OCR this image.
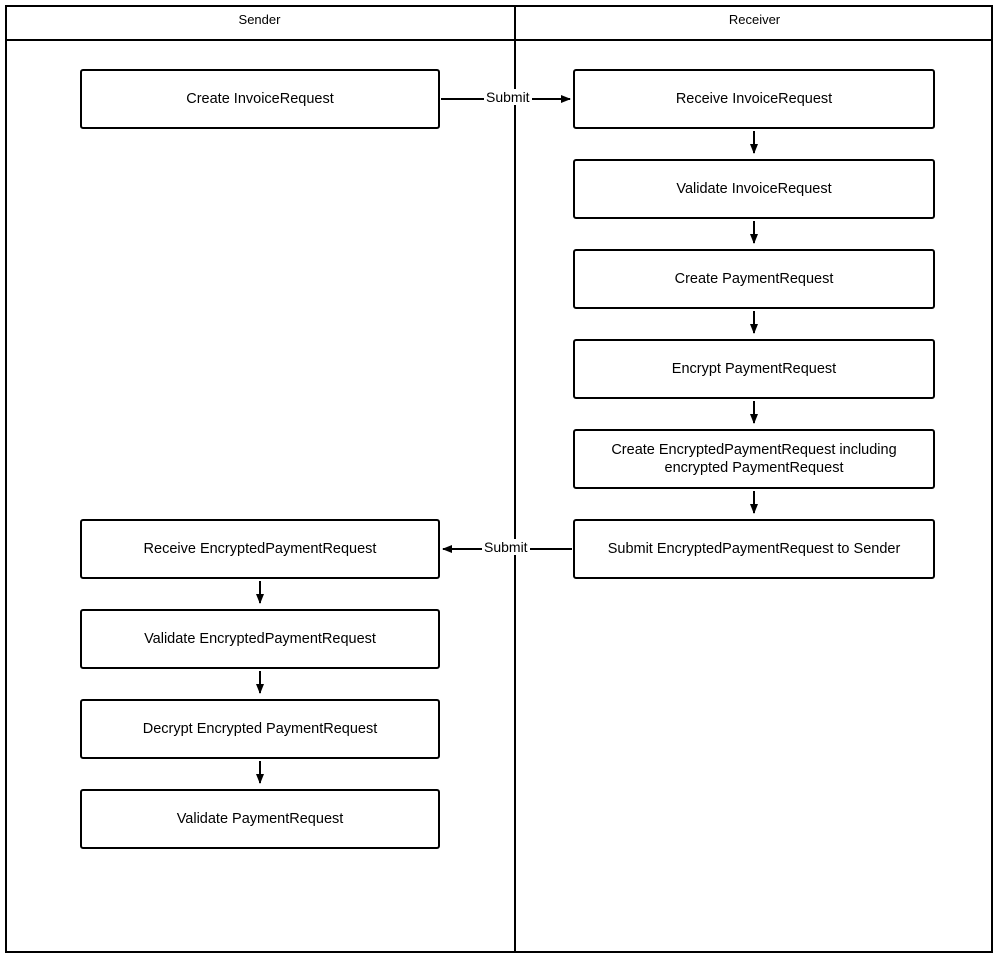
Sender	Receiver
Submit
Submit
Create InvoiceRequest	Receive InvoiceRequest
Validate InvoiceRequest
Create PaymentRequest
Encrypt PaymentRequest
Create EncryptedPaymentRequest including encrypted PaymentRequest
Submit EncryptedPaymentRequest to Sender
Receive EncryptedPaymentRequest
Validate EncryptedPaymentRequest
Decrypt Encrypted PaymentRequest
Validate PaymentRequest
